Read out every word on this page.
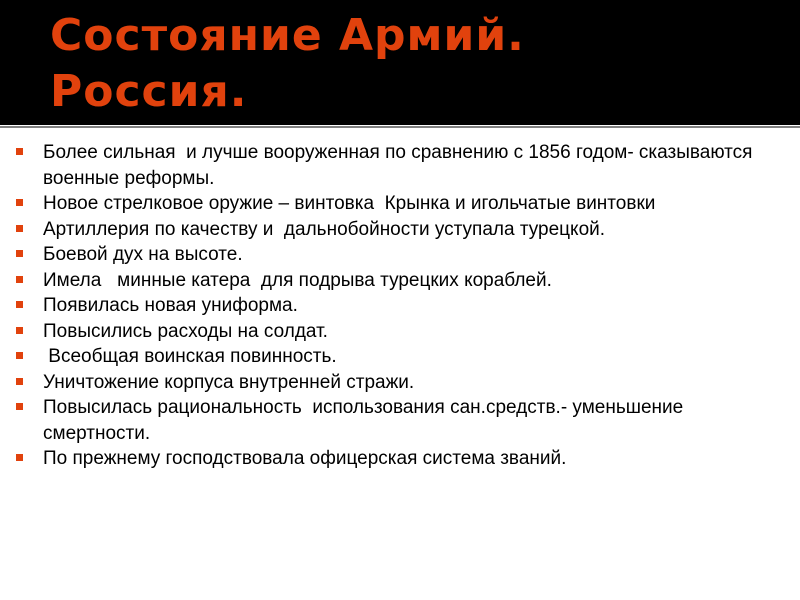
Состояние Армий.
Россия.
Более сильная  и лучше вооруженная по сравнению с 1856 годом- сказываются военные реформы.
Новое стрелковое оружие – винтовка  Крынка и игольчатые винтовки
Артиллерия по качеству и  дальнобойности уступала турецкой.
Боевой дух на высоте.
Имела   минные катера  для подрыва турецких кораблей.
Появилась новая униформа.
Повысились расходы на солдат.
Всеобщая воинская повинность.
Уничтожение корпуса внутренней стражи.
Повысилась рациональность  использования сан.средств.- уменьшение смертности.
По прежнему господствовала офицерская система званий.
